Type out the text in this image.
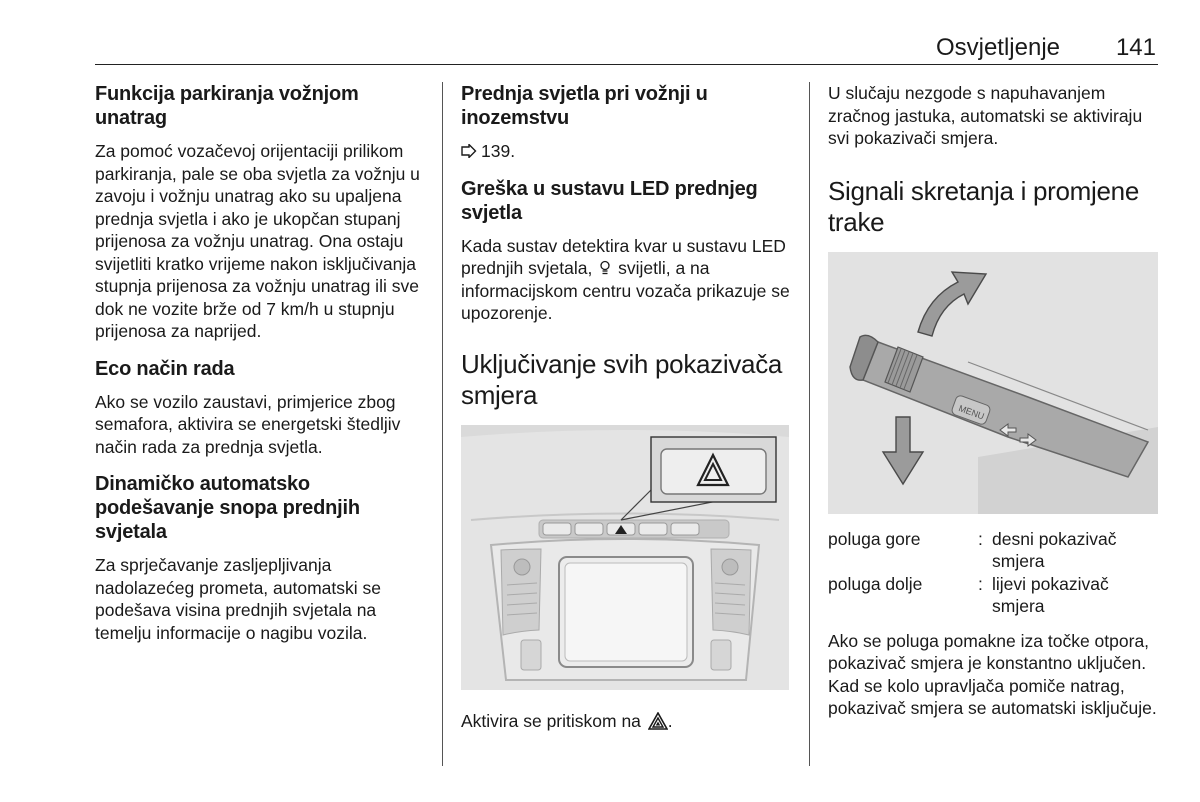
Osvjetljenje 141
Funkcija parkiranja vožnjom unatrag

Za pomoć vozačevoj orijentaciji prilikom parkiranja, pale se oba svjetla za vožnju u zavoju i vožnju unatrag ako su upaljena prednja svjetla i ako je ukopčan stupanj prijenosa za vožnju unatrag. Ona ostaju svijetliti kratko vrijeme nakon isključivanja stupnja prijenosa za vožnju unatrag ili sve dok ne vozite brže od 7 km/h u stupnju prijenosa za naprijed.

Eco način rada

Ako se vozilo zaustavi, primjerice zbog semafora, aktivira se energetski štedljiv način rada za prednja svjetla.

Dinamičko automatsko podešavanje snopa prednjih svjetala

Za sprječavanje zasljepljivanja nadolazećeg prometa, automatski se podešava visina prednjih svjetala na temelju informacije o nagibu vozila.

Prednja svjetla pri vožnji u inozemstvu

139.

Greška u sustavu LED prednjeg svjetla

Kada sustav detektira kvar u sustavu LED prednjih svjetala, svijetli, a na informacijskom centru vozača prikazuje se upozorenje.

Uključivanje svih pokazivača smjera

Aktivira se pritiskom na .

U slučaju nezgode s napuhavanjem zračnog jastuka, automatski se aktiviraju svi pokazivači smjera.

Signali skretanja i promjene trake
MENU
poluga gore	:	desni pokazivač smjera
poluga dolje	:	lijevi pokazivač smjera

Ako se poluga pomakne iza točke otpora, pokazivač smjera je konstantno uključen. Kad se kolo upravljača pomiče natrag, pokazivač smjera se automatski isključuje.
